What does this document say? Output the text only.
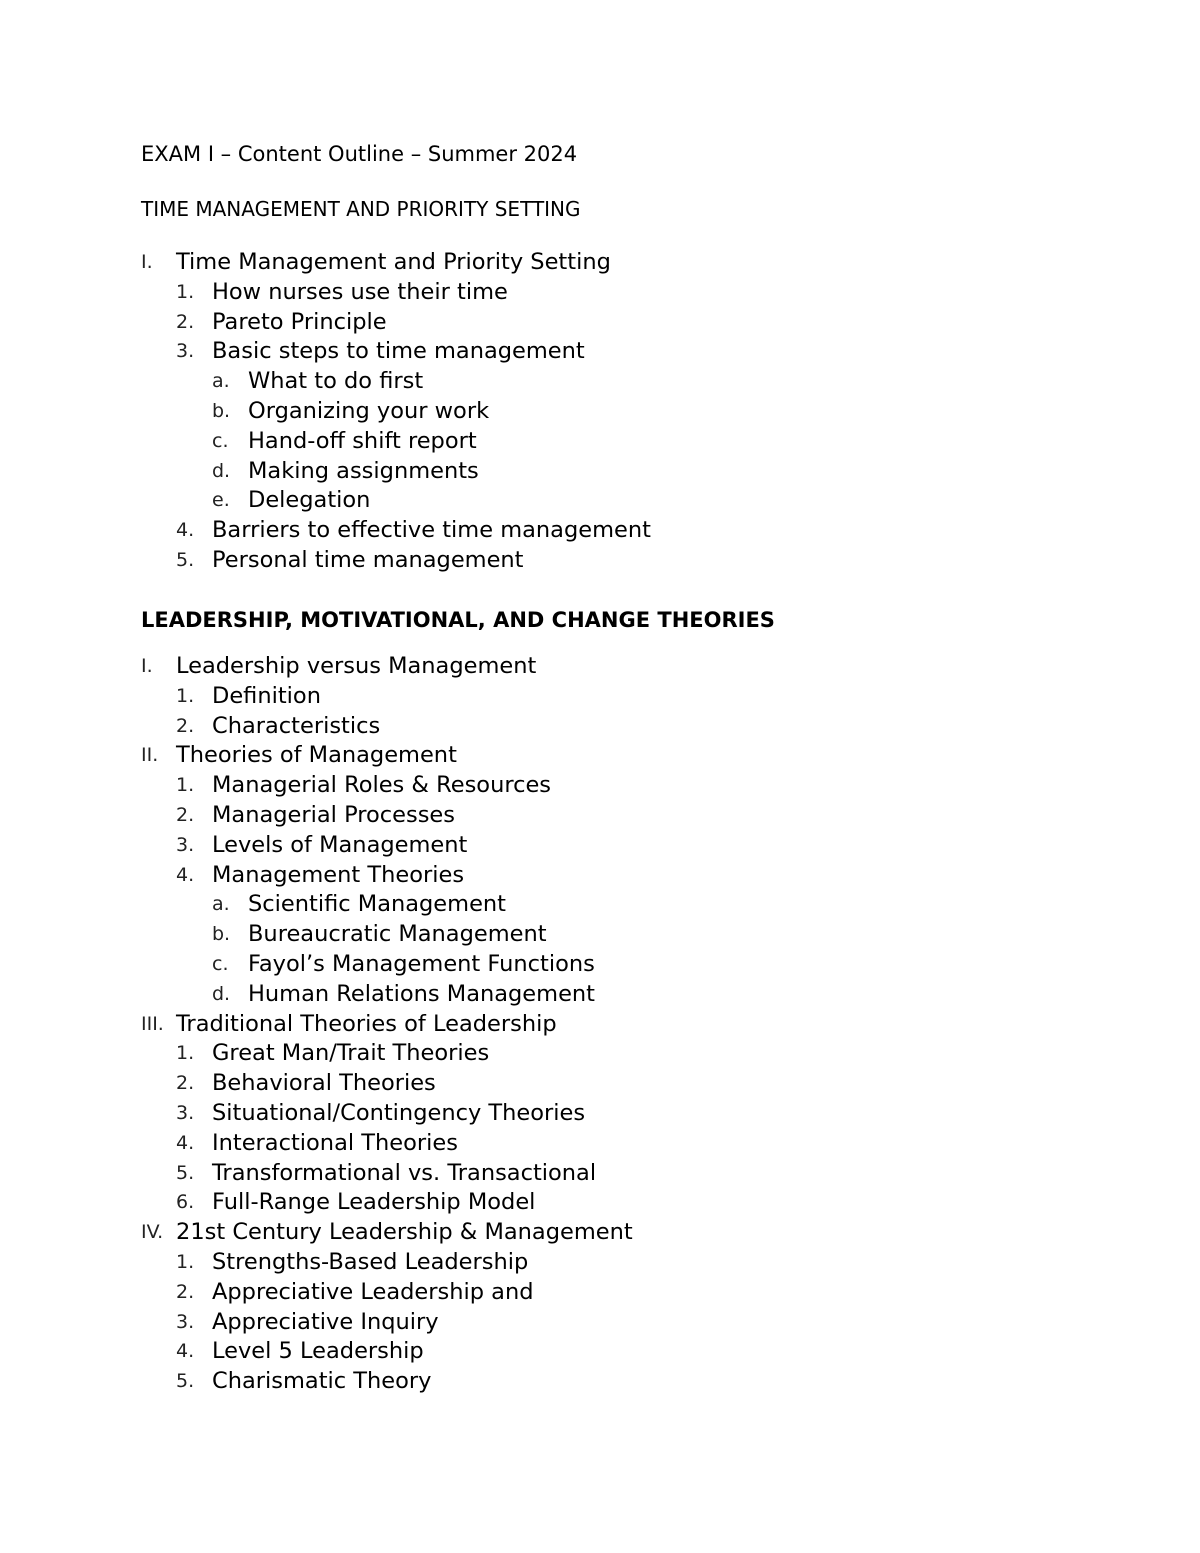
EXAM I – Content Outline – Summer 2024
TIME MANAGEMENT AND PRIORITY SETTING
I. Time Management and Priority Setting
1. How nurses use their time
2. Pareto Principle
3. Basic steps to time management
a. What to do first
b. Organizing your work
c. Hand-off shift report
d. Making assignments
e. Delegation
4. Barriers to effective time management
5. Personal time management
LEADERSHIP, MOTIVATIONAL, AND CHANGE THEORIES
I. Leadership versus Management
1. Definition
2. Characteristics
II. Theories of Management
1. Managerial Roles & Resources
2. Managerial Processes
3. Levels of Management
4. Management Theories
a. Scientific Management
b. Bureaucratic Management
c. Fayol’s Management Functions
d. Human Relations Management
III. Traditional Theories of Leadership
1. Great Man/Trait Theories
2. Behavioral Theories
3. Situational/Contingency Theories
4. Interactional Theories
5. Transformational vs. Transactional
6. Full-Range Leadership Model
IV. 21st Century Leadership & Management
1. Strengths-Based Leadership
2. Appreciative Leadership and
3. Appreciative Inquiry
4. Level 5 Leadership
5. Charismatic Theory
